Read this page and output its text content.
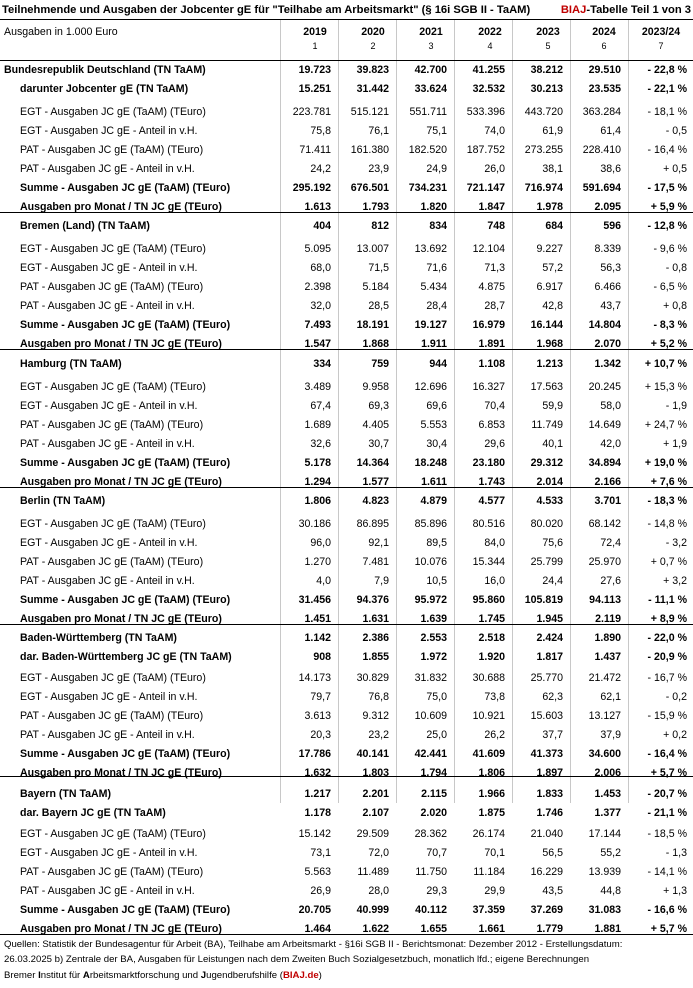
Teilnehmende und Ausgaben der Jobcenter gE für "Teilhabe am Arbeitsmarkt" (§ 16i SGB II - TaAM)	BIAJ-Tabelle Teil 1 von 3
Ausgaben in 1.000 Euro	2019	2020	2021	2022	2023	2024	2023/24
1	2	3	4	5	6	7
Bundesrepublik Deutschland (TN TaAM)	19.723	39.823	42.700	41.255	38.212	29.510	- 22,8 %
darunter Jobcenter gE (TN TaAM)	15.251	31.442	33.624	32.532	30.213	23.535	- 22,1 %
EGT - Ausgaben JC gE (TaAM) (TEuro)	223.781	515.121	551.711	533.396	443.720	363.284	- 18,1 %
EGT - Ausgaben JC gE - Anteil in v.H.	75,8	76,1	75,1	74,0	61,9	61,4	- 0,5
PAT - Ausgaben JC gE (TaAM) (TEuro)	71.411	161.380	182.520	187.752	273.255	228.410	- 16,4 %
PAT - Ausgaben JC gE - Anteil in v.H.	24,2	23,9	24,9	26,0	38,1	38,6	+ 0,5
Summe - Ausgaben JC gE (TaAM) (TEuro)	295.192	676.501	734.231	721.147	716.974	591.694	- 17,5 %
Ausgaben pro Monat / TN JC gE (TEuro)	1.613	1.793	1.820	1.847	1.978	2.095	+ 5,9 %
Bremen (Land) (TN TaAM)	404	812	834	748	684	596	- 12,8 %
EGT - Ausgaben JC gE (TaAM) (TEuro)	5.095	13.007	13.692	12.104	9.227	8.339	- 9,6 %
EGT - Ausgaben JC gE - Anteil in v.H.	68,0	71,5	71,6	71,3	57,2	56,3	- 0,8
PAT - Ausgaben JC gE (TaAM) (TEuro)	2.398	5.184	5.434	4.875	6.917	6.466	- 6,5 %
PAT - Ausgaben JC gE - Anteil in v.H.	32,0	28,5	28,4	28,7	42,8	43,7	+ 0,8
Summe - Ausgaben JC gE (TaAM) (TEuro)	7.493	18.191	19.127	16.979	16.144	14.804	- 8,3 %
Ausgaben pro Monat / TN JC gE (TEuro)	1.547	1.868	1.911	1.891	1.968	2.070	+ 5,2 %
Hamburg (TN TaAM)	334	759	944	1.108	1.213	1.342	+ 10,7 %
EGT - Ausgaben JC gE (TaAM) (TEuro)	3.489	9.958	12.696	16.327	17.563	20.245	+ 15,3 %
EGT - Ausgaben JC gE - Anteil in v.H.	67,4	69,3	69,6	70,4	59,9	58,0	- 1,9
PAT - Ausgaben JC gE (TaAM) (TEuro)	1.689	4.405	5.553	6.853	11.749	14.649	+ 24,7 %
PAT - Ausgaben JC gE - Anteil in v.H.	32,6	30,7	30,4	29,6	40,1	42,0	+ 1,9
Summe - Ausgaben JC gE (TaAM) (TEuro)	5.178	14.364	18.248	23.180	29.312	34.894	+ 19,0 %
Ausgaben pro Monat / TN JC gE (TEuro)	1.294	1.577	1.611	1.743	2.014	2.166	+ 7,6 %
Berlin (TN TaAM)	1.806	4.823	4.879	4.577	4.533	3.701	- 18,3 %
EGT - Ausgaben JC gE (TaAM) (TEuro)	30.186	86.895	85.896	80.516	80.020	68.142	- 14,8 %
EGT - Ausgaben JC gE - Anteil in v.H.	96,0	92,1	89,5	84,0	75,6	72,4	- 3,2
PAT - Ausgaben JC gE (TaAM) (TEuro)	1.270	7.481	10.076	15.344	25.799	25.970	+ 0,7 %
PAT - Ausgaben JC gE - Anteil in v.H.	4,0	7,9	10,5	16,0	24,4	27,6	+ 3,2
Summe - Ausgaben JC gE (TaAM) (TEuro)	31.456	94.376	95.972	95.860	105.819	94.113	- 11,1 %
Ausgaben pro Monat / TN JC gE (TEuro)	1.451	1.631	1.639	1.745	1.945	2.119	+ 8,9 %
Baden-Württemberg (TN TaAM)	1.142	2.386	2.553	2.518	2.424	1.890	- 22,0 %
dar. Baden-Württemberg JC gE (TN TaAM)	908	1.855	1.972	1.920	1.817	1.437	- 20,9 %
EGT - Ausgaben JC gE (TaAM) (TEuro)	14.173	30.829	31.832	30.688	25.770	21.472	- 16,7 %
EGT - Ausgaben JC gE - Anteil in v.H.	79,7	76,8	75,0	73,8	62,3	62,1	- 0,2
PAT - Ausgaben JC gE (TaAM) (TEuro)	3.613	9.312	10.609	10.921	15.603	13.127	- 15,9 %
PAT - Ausgaben JC gE - Anteil in v.H.	20,3	23,2	25,0	26,2	37,7	37,9	+ 0,2
Summe - Ausgaben JC gE (TaAM) (TEuro)	17.786	40.141	42.441	41.609	41.373	34.600	- 16,4 %
Ausgaben pro Monat / TN JC gE (TEuro)	1.632	1.803	1.794	1.806	1.897	2.006	+ 5,7 %
Bayern (TN TaAM)	1.217	2.201	2.115	1.966	1.833	1.453	- 20,7 %
dar. Bayern JC gE (TN TaAM)	1.178	2.107	2.020	1.875	1.746	1.377	- 21,1 %
EGT - Ausgaben JC gE (TaAM) (TEuro)	15.142	29.509	28.362	26.174	21.040	17.144	- 18,5 %
EGT - Ausgaben JC gE - Anteil in v.H.	73,1	72,0	70,7	70,1	56,5	55,2	- 1,3
PAT - Ausgaben JC gE (TaAM) (TEuro)	5.563	11.489	11.750	11.184	16.229	13.939	- 14,1 %
PAT - Ausgaben JC gE - Anteil in v.H.	26,9	28,0	29,3	29,9	43,5	44,8	+ 1,3
Summe - Ausgaben JC gE (TaAM) (TEuro)	20.705	40.999	40.112	37.359	37.269	31.083	- 16,6 %
Ausgaben pro Monat / TN JC gE (TEuro)	1.464	1.622	1.655	1.661	1.779	1.881	+ 5,7 %
Quellen: Statistik der Bundesagentur für Arbeit (BA), Teilhabe am Arbeitsmarkt - §16i SGB II - Berichtsmonat: Dezember 2012 - Erstellungsdatum:
26.03.2025 b) Zentrale der BA, Ausgaben für Leistungen nach dem Zweiten Buch Sozialgesetzbuch, monatlich lfd.; eigene Berechnungen
Bremer Institut für Arbeitsmarktforschung und Jugendberufshilfe (BIAJ.de)
